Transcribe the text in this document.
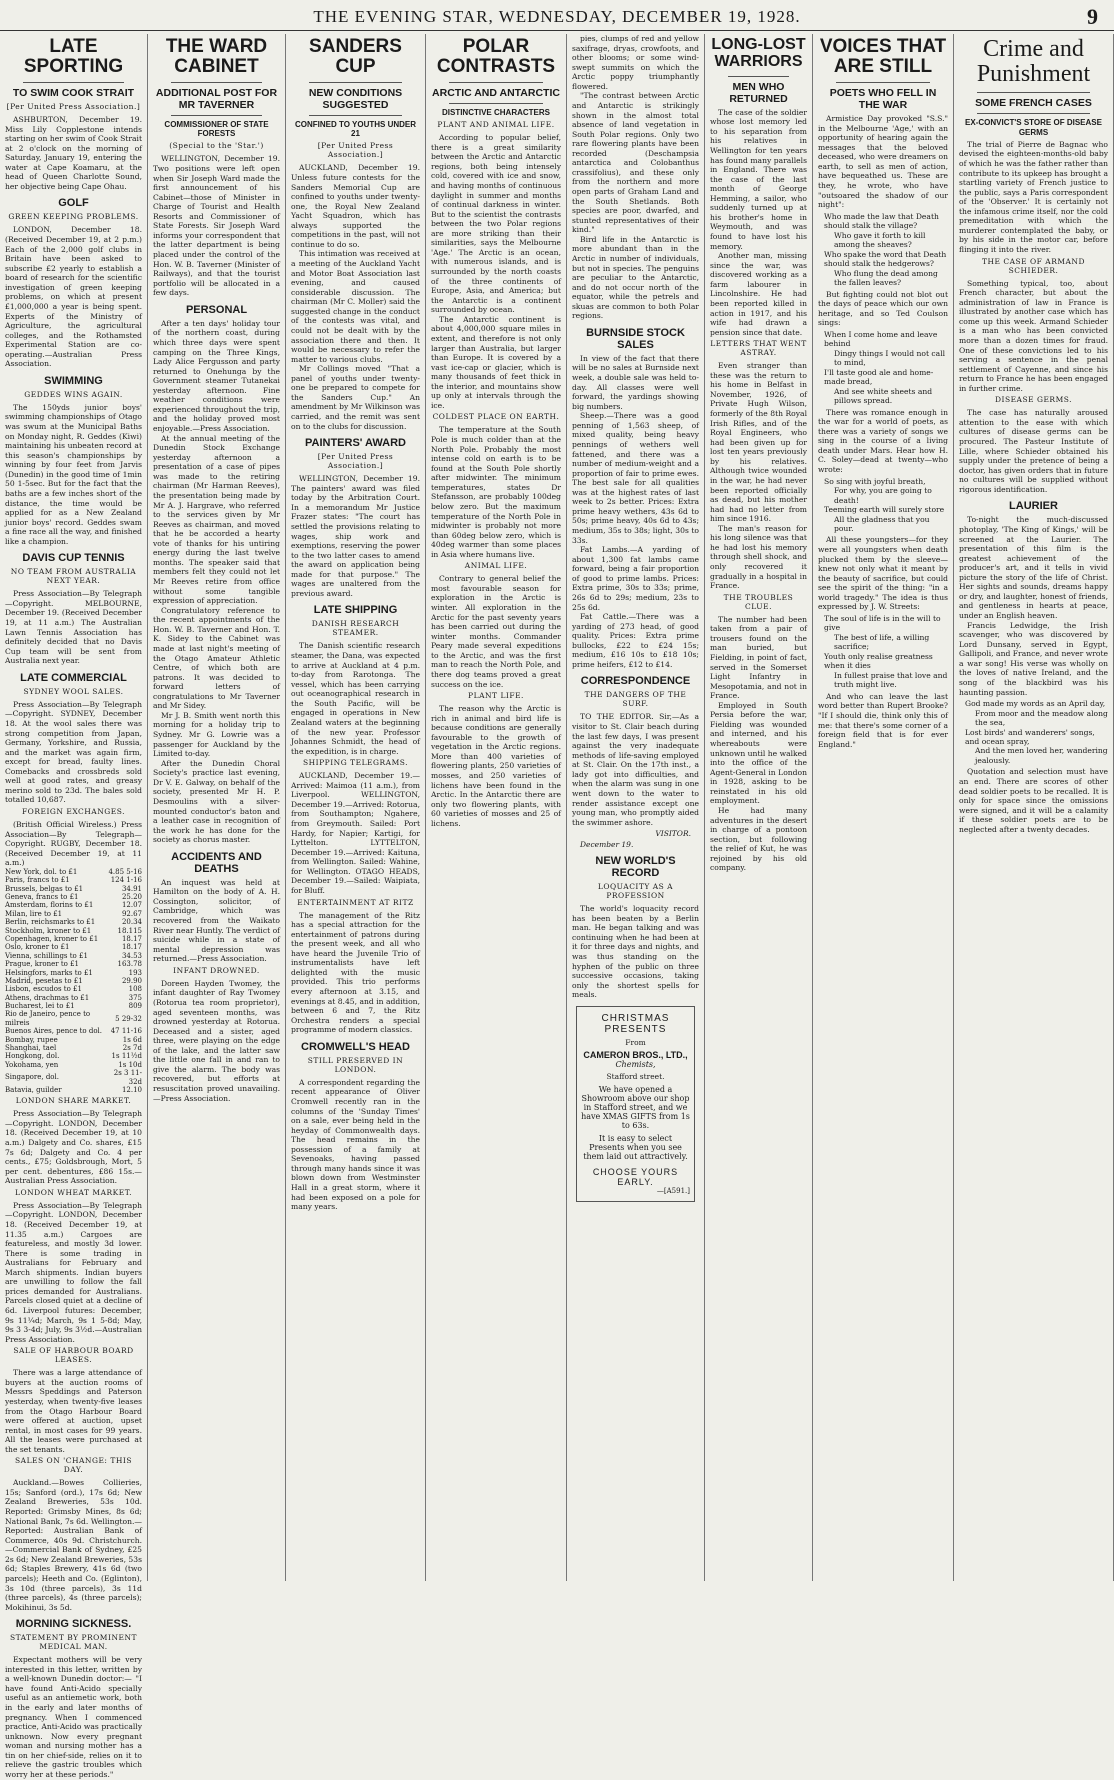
THE EVENING STAR, WEDNESDAY, DECEMBER 19, 1928.	9
LATE SPORTING
TO SWIM COOK STRAIT
[Per United Press Association.]

ASHBURTON, December 19. Miss Lily Copplestone intends starting on her swim of Cook Strait at 2 o'clock on the morning of Saturday, January 19, entering the water at Cape Koamaru, at the head of Queen Charlotte Sound, her objective being Cape Ohau.

GOLF
GREEN KEEPING PROBLEMS.

LONDON, December 18. (Received December 19, at 2 p.m.) Each of the 2,000 golf clubs in Britain have been asked to subscribe £2 yearly to establish a board of research for the scientific investigation of green keeping problems, on which at present £1,000,000 a year is being spent. Experts of the Ministry of Agriculture, the agricultural colleges, and the Rothamsted Experimental Station are co-operating.—Australian Press Association.

SWIMMING
GEDDES WINS AGAIN.

The 150yds junior boys' swimming championships of Otago was swum at the Municipal Baths on Monday night, R. Geddes (Kiwi) maintaining his unbeaten record at this season's championships by winning by four feet from Jarvis (Dunedin) in the good time of 1min 50 1-5sec. But for the fact that the baths are a few inches short of the distance, the time would be applied for as a New Zealand junior boys' record. Geddes swam a fine race all the way, and finished like a champion.

DAVIS CUP TENNIS
NO TEAM FROM AUSTRALIA NEXT YEAR.

Press Association—By Telegraph—Copyright. MELBOURNE, December 19. (Received December 19, at 11 a.m.) The Australian Lawn Tennis Association has definitely decided that no Davis Cup team will be sent from Australia next year.

LATE COMMERCIAL
SYDNEY WOOL SALES.

Press Association—By Telegraph—Copyright. SYDNEY, December 18. At the wool sales there was strong competition from Japan, Germany, Yorkshire, and Russia, and the market was again firm, except for bread, faulty lines. Comebacks and crossbreds sold well at good rates, and greasy merino sold to 23d. The bales sold totalled 10,687.

FOREIGN EXCHANGES.

(British Official Wireless.) Press Association—By Telegraph—Copyright. RUGBY, December 18. (Received December 19, at 11 a.m.)

New York, dol. to £1	4.85 5-16
Paris, francs to £1	124 1-16
Brussels, belgas to £1	34.91
Geneva, francs to £1	25.20
Amsterdam, florins to £1	12.07
Milan, lire to £1	92.67
Berlin, reichsmarks to £1	20.34
Stockholm, kroner to £1	18.115
Copenhagen, kroner to £1	18.17
Oslo, kroner to £1	18.17
Vienna, schillings to £1	34.53
Prague, kroner to £1	163.78
Helsingfors, marks to £1	193
Madrid, pesetas to £1	29.90
Lisbon, escudos to £1	108
Athens, drachmas to £1	375
Bucharest, lei to £1	809
Rio de Janeiro, pence to milreis	5 29-32
Buenos Aires, pence to dol.	47 11-16
Bombay, rupee	1s 6d
Shanghai, tael	2s 7d
Hongkong, dol.	1s 11½d
Yokohama, yen	1s 10d
Singapore, dol.	2s 3 11-32d
Batavia, guilder	12.10
LONDON SHARE MARKET.

Press Association—By Telegraph—Copyright. LONDON, December 18. (Received December 19, at 10 a.m.) Dalgety and Co. shares, £15 7s 6d; Dalgety and Co. 4 per cents., £75; Goldsbrough, Mort, 5 per cent. debentures, £86 15s.—Australian Press Association.

LONDON WHEAT MARKET.

Press Association—By Telegraph—Copyright. LONDON, December 18. (Received December 19, at 11.35 a.m.) Cargoes are featureless, and mostly 3d lower. There is some trading in Australians for February and March shipments. Indian buyers are unwilling to follow the fall prices demanded for Australians. Parcels closed quiet at a decline of 6d. Liverpool futures: December, 9s 11¼d; March, 9s 1 5-8d; May, 9s 3 3-4d; July, 9s 3½d.—Australian Press Association.

SALE OF HARBOUR BOARD LEASES.

There was a large attendance of buyers at the auction rooms of Messrs Speddings and Paterson yesterday, when twenty-five leases from the Otago Harbour Board were offered at auction, upset rental, in most cases for 99 years. All the leases were purchased at the set tenants.

SALES ON 'CHANGE: THIS DAY.

Auckland.—Bowes Collieries, 15s; Sanford (ord.), 17s 6d; New Zealand Breweries, 53s 10d. Reported: Grimsby Mines, 8s 6d; National Bank, 7s 6d. Wellington.—Reported: Australian Bank of Commerce, 40s 9d. Christchurch.—Commercial Bank of Sydney, £25 2s 6d; New Zealand Breweries, 53s 6d; Staples Brewery, 41s 6d (two parcels); Heeth and Co. (Eglinton), 3s 10d (three parcels), 3s 11d (three parcels), 4s (three parcels); Mokihinui, 3s 5d.

MORNING SICKNESS.
STATEMENT BY PROMINENT MEDICAL MAN.

Expectant mothers will be very interested in this letter, written by a well-known Dunedin doctor:— "I have found Anti-Acido specially useful as an antiemetic work, both in the early and later months of pregnancy. When I commenced practice, Anti-Acido was practically unknown. Now every pregnant woman and nursing mother has a tin on her chief-side, relies on it to relieve the gastric troubles which worry her at these periods."

THE WARD CABINET
ADDITIONAL POST FOR MR TAVERNER
COMMISSIONER OF STATE FORESTS
(Special to the 'Star.')

WELLINGTON, December 19. Two positions were left open when Sir Joseph Ward made the first announcement of his Cabinet—those of Minister in Charge of Tourist and Health Resorts and Commissioner of State Forests. Sir Joseph Ward informs your correspondent that the latter department is being placed under the control of the Hon. W. B. Taverner (Minister of Railways), and that the tourist portfolio will be allocated in a few days.

PERSONAL

After a ten days' holiday tour of the northern coast, during which three days were spent camping on the Three Kings, Lady Alice Fergusson and party returned to Onehunga by the Government steamer Tutanekai yesterday afternoon. Fine weather conditions were experienced throughout the trip, and the holiday proved most enjoyable.—Press Association.

At the annual meeting of the Dunedin Stock Exchange yesterday afternoon a presentation of a case of pipes was made to the retiring chairman (Mr Harman Reeves), the presentation being made by Mr A. J. Hargrave, who referred to the services given by Mr Reeves as chairman, and moved that he be accorded a hearty vote of thanks for his untiring energy during the last twelve months. The speaker said that members felt they could not let Mr Reeves retire from office without some tangible expression of appreciation.

Congratulatory reference to the recent appointments of the Hon. W. B. Taverner and Hon. T. K. Sidey to the Cabinet was made at last night's meeting of the Otago Amateur Athletic Centre, of which both are patrons. It was decided to forward letters of congratulations to Mr Taverner and Mr Sidey.

Mr J. B. Smith went north this morning for a holiday trip to Sydney. Mr G. Lowrie was a passenger for Auckland by the Limited to-day.

After the Dunedin Choral Society's practice last evening, Dr V. E. Galway, on behalf of the society, presented Mr H. P. Desmoulins with a silver-mounted conductor's baton and a leather case in recognition of the work he has done for the society as chorus master.

ACCIDENTS AND DEATHS

An inquest was held at Hamilton on the body of A. H. Cossington, solicitor, of Cambridge, which was recovered from the Waikato River near Huntly. The verdict of suicide while in a state of mental depression was returned.—Press Association.

INFANT DROWNED.

Doreen Hayden Twomey, the infant daughter of Ray Twomey (Rotorua tea room proprietor), aged seventeen months, was drowned yesterday at Rotorua. Deceased and a sister, aged three, were playing on the edge of the lake, and the latter saw the little one fall in and ran to give the alarm. The body was recovered, but efforts at resuscitation proved unavailing.—Press Association.

SANDERS CUP
NEW CONDITIONS SUGGESTED
CONFINED TO YOUTHS UNDER 21
[Per United Press Association.]

AUCKLAND, December 19. Unless future contests for the Sanders Memorial Cup are confined to youths under twenty-one, the Royal New Zealand Yacht Squadron, which has always supported the competitions in the past, will not continue to do so.

This intimation was received at a meeting of the Auckland Yacht and Motor Boat Association last evening, and caused considerable discussion. The chairman (Mr C. Moller) said the suggested change in the conduct of the contests was vital, and could not be dealt with by the association there and then. It would be necessary to refer the matter to various clubs.

Mr Collings moved "That a panel of youths under twenty-one be prepared to compete for the Sanders Cup." An amendment by Mr Wilkinson was carried, and the remit was sent on to the clubs for discussion.

PAINTERS' AWARD
[Per United Press Association.]

WELLINGTON, December 19. The painters' award was filed today by the Arbitration Court. In a memorandum Mr Justice Frazer states: "The court has settled the provisions relating to wages, ship work and exemptions, reserving the power to the two latter cases to amend the award on application being made for that purpose." The wages are unaltered from the previous award.

LATE SHIPPING
DANISH RESEARCH STEAMER.

The Danish scientific research steamer, the Dana, was expected to arrive at Auckland at 4 p.m. to-day from Rarotonga. The vessel, which has been carrying out oceanographical research in the South Pacific, will be engaged in operations in New Zealand waters at the beginning of the new year. Professor Johannes Schmidt, the head of the expedition, is in charge.

SHIPPING TELEGRAMS.

AUCKLAND, December 19.—Arrived: Maimoa (11 a.m.), from Liverpool. WELLINGTON, December 19.—Arrived: Rotorua, from Southampton; Ngahere, from Greymouth. Sailed: Port Hardy, for Napier; Kartigi, for Lyttelton. LYTTELTON, December 19.—Arrived: Kaituna, from Wellington. Sailed: Wahine, for Wellington. OTAGO HEADS, December 19.—Sailed: Waipiata, for Bluff.

ENTERTAINMENT AT RITZ

The management of the Ritz has a special attraction for the entertainment of patrons during the present week, and all who have heard the Juvenile Trio of instrumentalists have left delighted with the music provided. This trio performs every afternoon at 3.15, and evenings at 8.45, and in addition, between 6 and 7, the Ritz Orchestra renders a special programme of modern classics.

CROMWELL'S HEAD
STILL PRESERVED IN LONDON.

A correspondent regarding the recent appearance of Oliver Cromwell recently ran in the columns of the 'Sunday Times' on a sale, ever being held in the heyday of Commonwealth days. The head remains in the possession of a family at Sevenoaks, having passed through many hands since it was blown down from Westminster Hall in a great storm, where it had been exposed on a pole for many years.

POLAR CONTRASTS
ARCTIC AND ANTARCTIC
DISTINCTIVE CHARACTERS
PLANT AND ANIMAL LIFE.

According to popular belief, there is a great similarity between the Arctic and Antarctic regions, both being intensely cold, covered with ice and snow, and having months of continuous daylight in summer and months of continual darkness in winter. But to the scientist the contrasts between the two Polar regions are more striking than their similarities, says the Melbourne 'Age.' The Arctic is an ocean, with numerous islands, and is surrounded by the north coasts of the three continents of Europe, Asia, and America; but the Antarctic is a continent surrounded by ocean.

The Antarctic continent is about 4,000,000 square miles in extent, and therefore is not only larger than Australia, but larger than Europe. It is covered by a vast ice-cap or glacier, which is many thousands of feet thick in the interior, and mountains show up only at intervals through the ice.

COLDEST PLACE ON EARTH.

The temperature at the South Pole is much colder than at the North Pole. Probably the most intense cold on earth is to be found at the South Pole shortly after midwinter. The minimum temperatures, states Dr Stefansson, are probably 100deg below zero. But the maximum temperature of the North Pole in midwinter is probably not more than 60deg below zero, which is 40deg warmer than some places in Asia where humans live.

ANIMAL LIFE.

Contrary to general belief the most favourable season for exploration in the Arctic is winter. All exploration in the Arctic for the past seventy years has been carried out during the winter months. Commander Peary made several expeditions to the Arctic, and was the first man to reach the North Pole, and there dog teams proved a great success on the ice.

PLANT LIFE.

The reason why the Arctic is rich in animal and bird life is because conditions are generally favourable to the growth of vegetation in the Arctic regions. More than 400 varieties of flowering plants, 250 varieties of mosses, and 250 varieties of lichens have been found in the Arctic. In the Antarctic there are only two flowering plants, with 60 varieties of mosses and 25 of lichens.

pies, clumps of red and yellow saxifrage, dryas, crowfoots, and other blooms; or some wind-swept summits on which the Arctic poppy triumphantly flowered.

"The contrast between Arctic and Antarctic is strikingly shown in the almost total absence of land vegetation in South Polar regions. Only two rare flowering plants have been recorded (Deschampsia antarctica and Colobanthus crassifolius), and these only from the northern and more open parts of Graham Land and the South Shetlands. Both species are poor, dwarfed, and stunted representatives of their kind."

Bird life in the Antarctic is more abundant than in the Arctic in number of individuals, but not in species. The penguins are peculiar to the Antarctic, and do not occur north of the equator, while the petrels and skuas are common to both Polar regions.

BURNSIDE STOCK SALES

In view of the fact that there will be no sales at Burnside next week, a double sale was held to-day. All classes were well forward, the yardings showing big numbers.

Sheep.—There was a good penning of 1,563 sheep, of mixed quality, being heavy pennings of wethers well fattened, and there was a number of medium-weight and a proportion of fair to prime ewes. The best sale for all qualities was at the highest rates of last week to 2s better. Prices: Extra prime heavy wethers, 43s 6d to 50s; prime heavy, 40s 6d to 43s; medium, 35s to 38s; light, 30s to 33s.

Fat Lambs.—A yarding of about 1,300 fat lambs came forward, being a fair proportion of good to prime lambs. Prices: Extra prime, 30s to 33s; prime, 26s 6d to 29s; medium, 23s to 25s 6d.

Fat Cattle.—There was a yarding of 273 head, of good quality. Prices: Extra prime bullocks, £22 to £24 15s; medium, £16 10s to £18 10s; prime heifers, £12 to £14.

CORRESPONDENCE
THE DANGERS OF THE SURF.

TO THE EDITOR. Sir,—As a visitor to St. Clair beach during the last few days, I was present against the very inadequate methods of life-saving employed at St. Clair. On the 17th inst., a lady got into difficulties, and when the alarm was sung in one went down to the water to render assistance except one young man, who promptly aided the swimmer ashore.

VISITOR.
December 19.
NEW WORLD'S RECORD
LOQUACITY AS A PROFESSION

The world's loquacity record has been beaten by a Berlin man. He began talking and was continuing when he had been at it for three days and nights, and was thus standing on the hyphen of the public on three successive occasions, taking only the shortest spells for meals.

CHRISTMAS PRESENTS
From
CAMERON BROS., LTD.,
Chemists,
Stafford street.
We have opened a Showroom above our shop in Stafford street, and we have XMAS GIFTS from 1s to 63s.
It is easy to select Presents when you see them laid out attractively.
CHOOSE YOURS EARLY.
—[A591.]
LONG-LOST WARRIORS
MEN WHO RETURNED

The case of the soldier whose lost memory led to his separation from his relatives in Wellington for ten years has found many parallels in England. There was the case of the last month of George Hemming, a sailor, who suddenly turned up at his brother's home in Weymouth, and was found to have lost his memory.

Another man, missing since the war, was discovered working as a farm labourer in Lincolnshire. He had been reported killed in action in 1917, and his wife had drawn a pension since that date.

LETTERS THAT WENT ASTRAY.

Even stranger than these was the return to his home in Belfast in November, 1926, of Private Hugh Wilson, formerly of the 8th Royal Irish Rifles, and of the Royal Engineers, who had been given up for lost ten years previously by his relatives. Although twice wounded in the war, he had never been reported officially as dead, but his mother had had no letter from him since 1916.

The man's reason for his long silence was that he had lost his memory through shell shock, and only recovered it gradually in a hospital in France.

THE TROUBLES CLUE.

The number had been taken from a pair of trousers found on the man buried, but Fielding, in point of fact, served in the Somerset Light Infantry in Mesopotamia, and not in France.

Employed in South Persia before the war, Fielding was wounded and interned, and his whereabouts were unknown until he walked into the office of the Agent-General in London in 1928, asking to be reinstated in his old employment.

He had many adventures in the desert in charge of a pontoon section, but following the relief of Kut, he was rejoined by his old company.

VOICES THAT ARE STILL
POETS WHO FELL IN THE WAR

Armistice Day provoked "S.S." in the Melbourne 'Age,' with an opportunity of hearing again the messages that the beloved deceased, who were dreamers on earth, to sell as men of action, have bequeathed us. These are they, he wrote, who have "outsoared the shadow of our night":

Who made the law that Death should stalk the village?
Who gave it forth to kill among the sheaves?
Who spake the word that Death should stalk the hedgerows?
Who flung the dead among the fallen leaves?

But fighting could not blot out the days of peace which our own heritage, and so Ted Coulson sings:

When I come home and leave behind
Dingy things I would not call to mind,
I'll taste good ale and home-made bread,
And see white sheets and pillows spread.

There was romance enough in the war for a world of poets, as there was a variety of songs we sing in the course of a living death under Mars. Hear how H. C. Soley—dead at twenty—who wrote:

So sing with joyful breath,
For why, you are going to death!
Teeming earth will surely store
All the gladness that you pour.

All these youngsters—for they were all youngsters when death plucked them by the sleeve—knew not only what it meant by the beauty of sacrifice, but could see the spirit of the thing: "in a world tragedy." The idea is thus expressed by J. W. Streets:

The soul of life is in the will to give
The best of life, a willing sacrifice;
Youth only realise greatness when it dies
In fullest praise that love and truth might live.

And who can leave the last word better than Rupert Brooke? "If I should die, think only this of me: that there's some corner of a foreign field that is for ever England."

Crime and Punishment
SOME FRENCH CASES
EX-CONVICT'S STORE OF DISEASE GERMS

The trial of Pierre de Bagnac who devised the eighteen-months-old baby of which he was the father rather than contribute to its upkeep has brought a startling variety of French justice to the public, says a Paris correspondent of the 'Observer.' It is certainly not the infamous crime itself, nor the cold premeditation with which the murderer contemplated the baby, or by his side in the motor car, before flinging it into the river.

THE CASE OF ARMAND SCHIEDER.

Something typical, too, about French character, but about the administration of law in France is illustrated by another case which has come up this week. Armand Schieder is a man who has been convicted more than a dozen times for fraud. One of these convictions led to his serving a sentence in the penal settlement of Cayenne, and since his return to France he has been engaged in further crime.

DISEASE GERMS.

The case has naturally aroused attention to the ease with which cultures of disease germs can be procured. The Pasteur Institute of Lille, where Schieder obtained his supply under the pretence of being a doctor, has given orders that in future no cultures will be supplied without rigorous identification.

LAURIER

To-night the much-discussed photoplay, 'The King of Kings,' will be screened at the Laurier. The presentation of this film is the greatest achievement of the producer's art, and it tells in vivid picture the story of the life of Christ. Her sights and sounds, dreams happy or dry, and laughter, honest of friends, and gentleness in hearts at peace, under an English heaven.

Francis Ledwidge, the Irish scavenger, who was discovered by Lord Dunsany, served in Egypt, Gallipoli, and France, and never wrote a war song! His verse was wholly on the loves of native Ireland, and the song of the blackbird was his haunting passion.

God made my words as an April day,
From moor and the meadow along the sea,
Lost birds' and wanderers' songs, and ocean spray,
And the men loved her, wandering jealously.

Quotation and selection must have an end. There are scores of other dead soldier poets to be recalled. It is only for space since the omissions were signed, and it will be a calamity if these soldier poets are to be neglected after a twenty decades.
